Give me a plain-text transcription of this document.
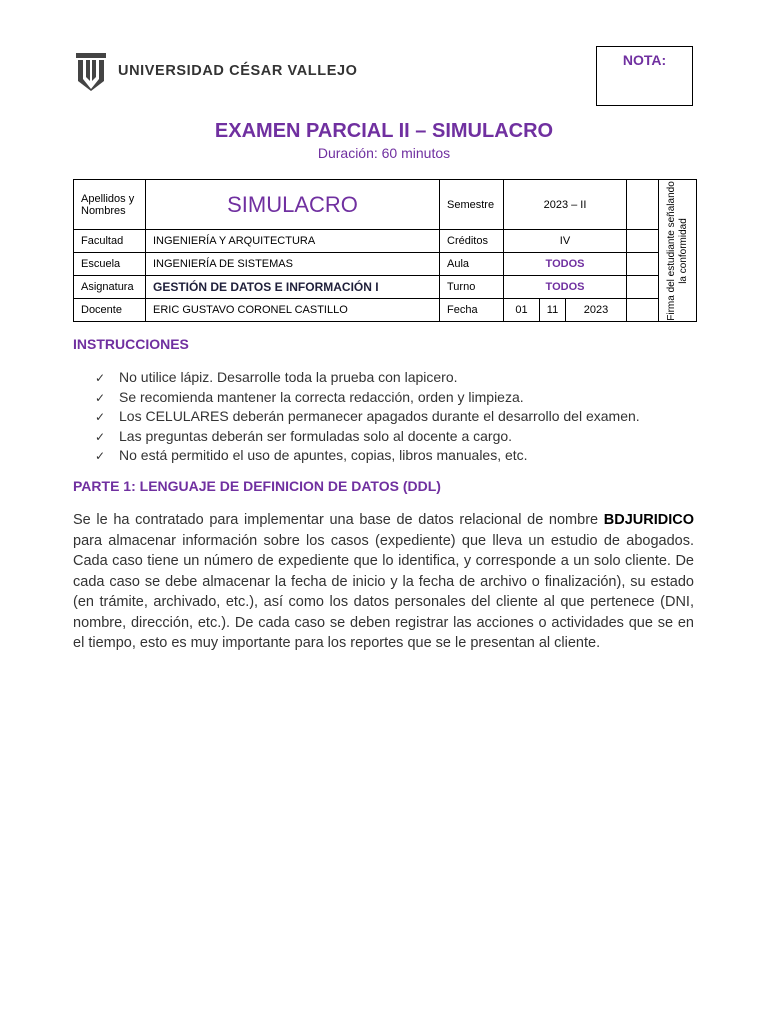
UNIVERSIDAD CÉSAR VALLEJO
NOTA:
EXAMEN PARCIAL II – SIMULACRO
Duración: 60 minutos
Apellidos y Nombres	SIMULACRO	Semestre	2023 – II				Firma del estudiante señalando la conformidad

Facultad	INGENIERÍA Y ARQUITECTURA	Créditos	IV				
Escuela	INGENIERÍA DE SISTEMAS	Aula	TODOS				
Asignatura	GESTIÓN DE DATOS E INFORMACIÓN I	Turno	TODOS				
Docente	ERIC GUSTAVO CORONEL CASTILLO	Fecha	01	11	2023		
INSTRUCCIONES
✓ No utilice lápiz. Desarrolle toda la prueba con lapicero.
✓ Se recomienda mantener la correcta redacción, orden y limpieza.
✓ Los CELULARES deberán permanecer apagados durante el desarrollo del examen.
✓ Las preguntas deberán ser formuladas solo al docente a cargo.
✓ No está permitido el uso de apuntes, copias, libros manuales, etc.
PARTE 1: LENGUAJE DE DEFINICION DE DATOS (DDL)

Se le ha contratado para implementar una base de datos relacional de nombre BDJURIDICO para almacenar información sobre los casos (expediente) que lleva un estudio de abogados. Cada caso tiene un número de expediente que lo identifica, y corresponde a un solo cliente. De cada caso se debe almacenar la fecha de inicio y la fecha de archivo o finalización), su estado (en trámite, archivado, etc.), así como los datos personales del cliente al que pertenece (DNI, nombre, dirección, etc.). De cada caso se deben registrar las acciones o actividades que se en el tiempo, esto es muy importante para los reportes que se le presentan al cliente.
